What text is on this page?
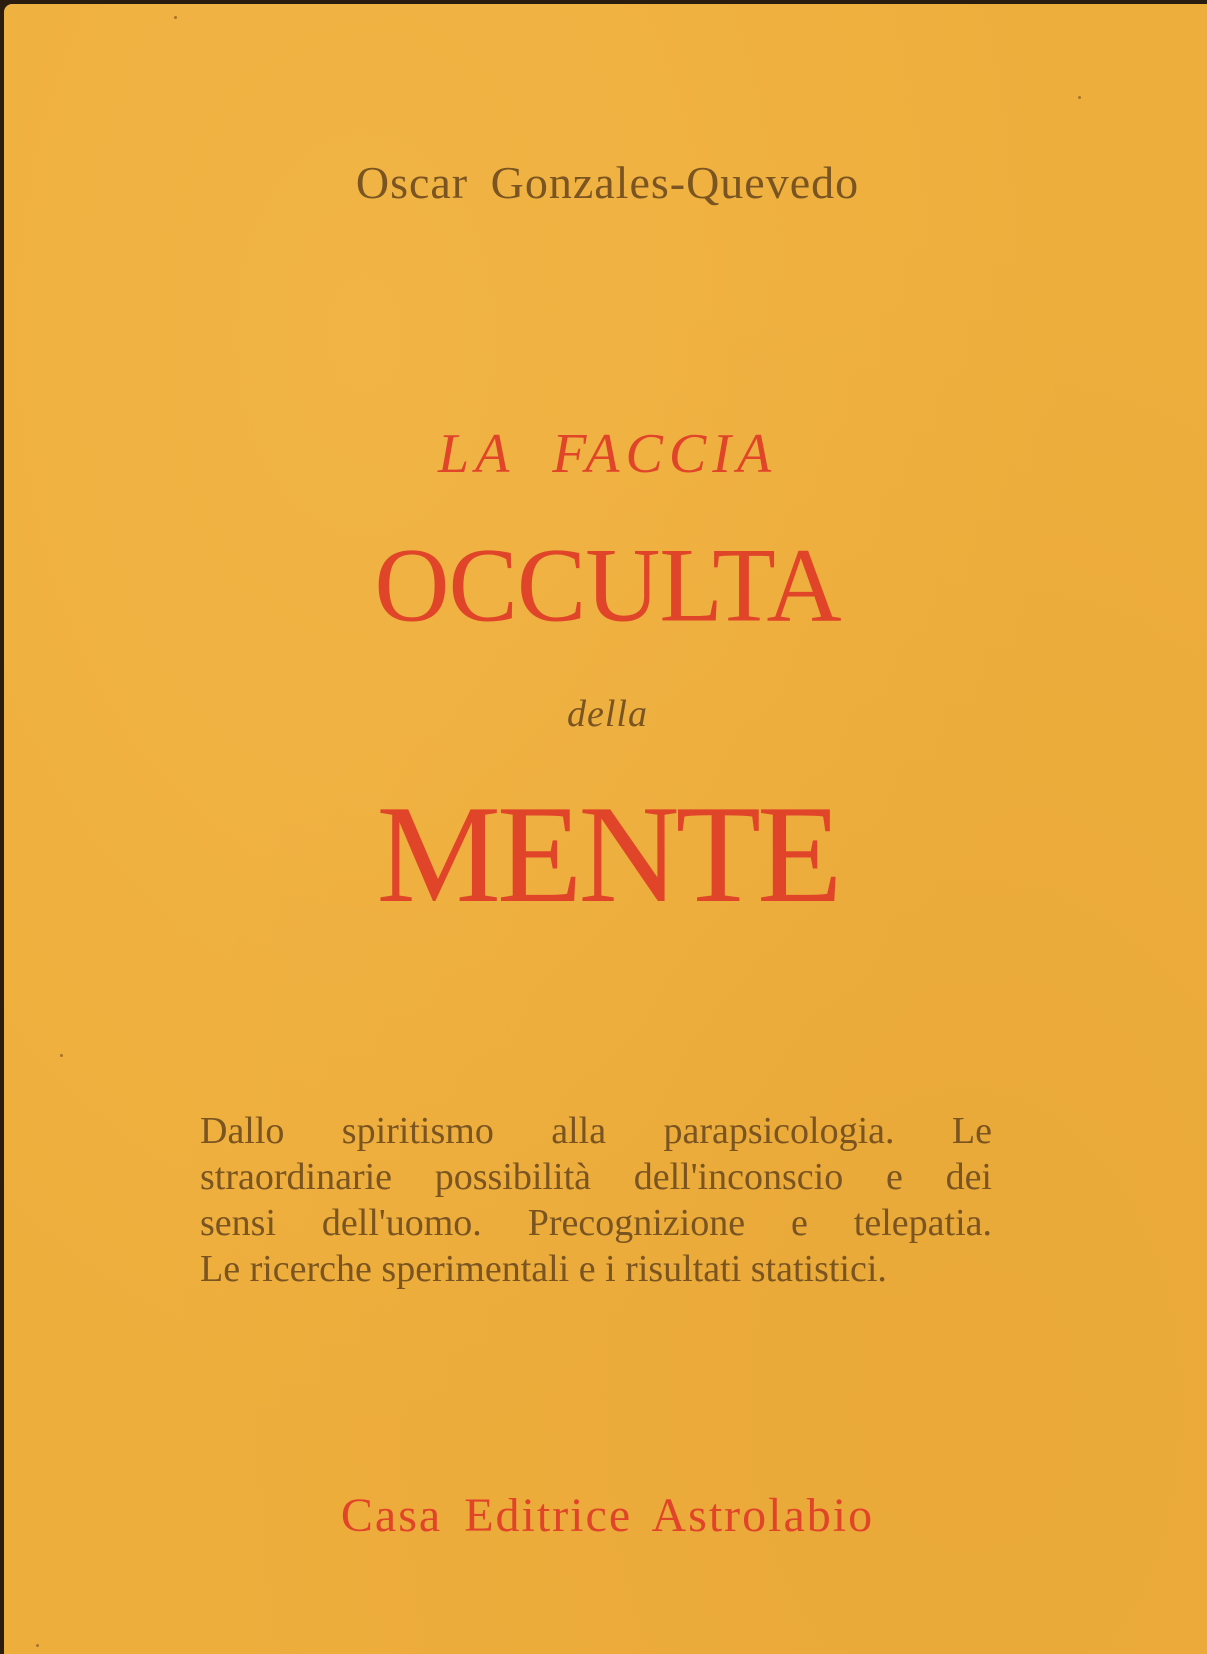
Oscar Gonzales-Quevedo

LA FACCIA

OCCULTA

della

MENTE

Dallo spiritismo alla parapsicologia. Le
straordinarie possibilità dell'inconscio e dei
sensi dell'uomo. Precognizione e telepatia.
Le ricerche sperimentali e i risultati statistici.

Casa Editrice Astrolabio
